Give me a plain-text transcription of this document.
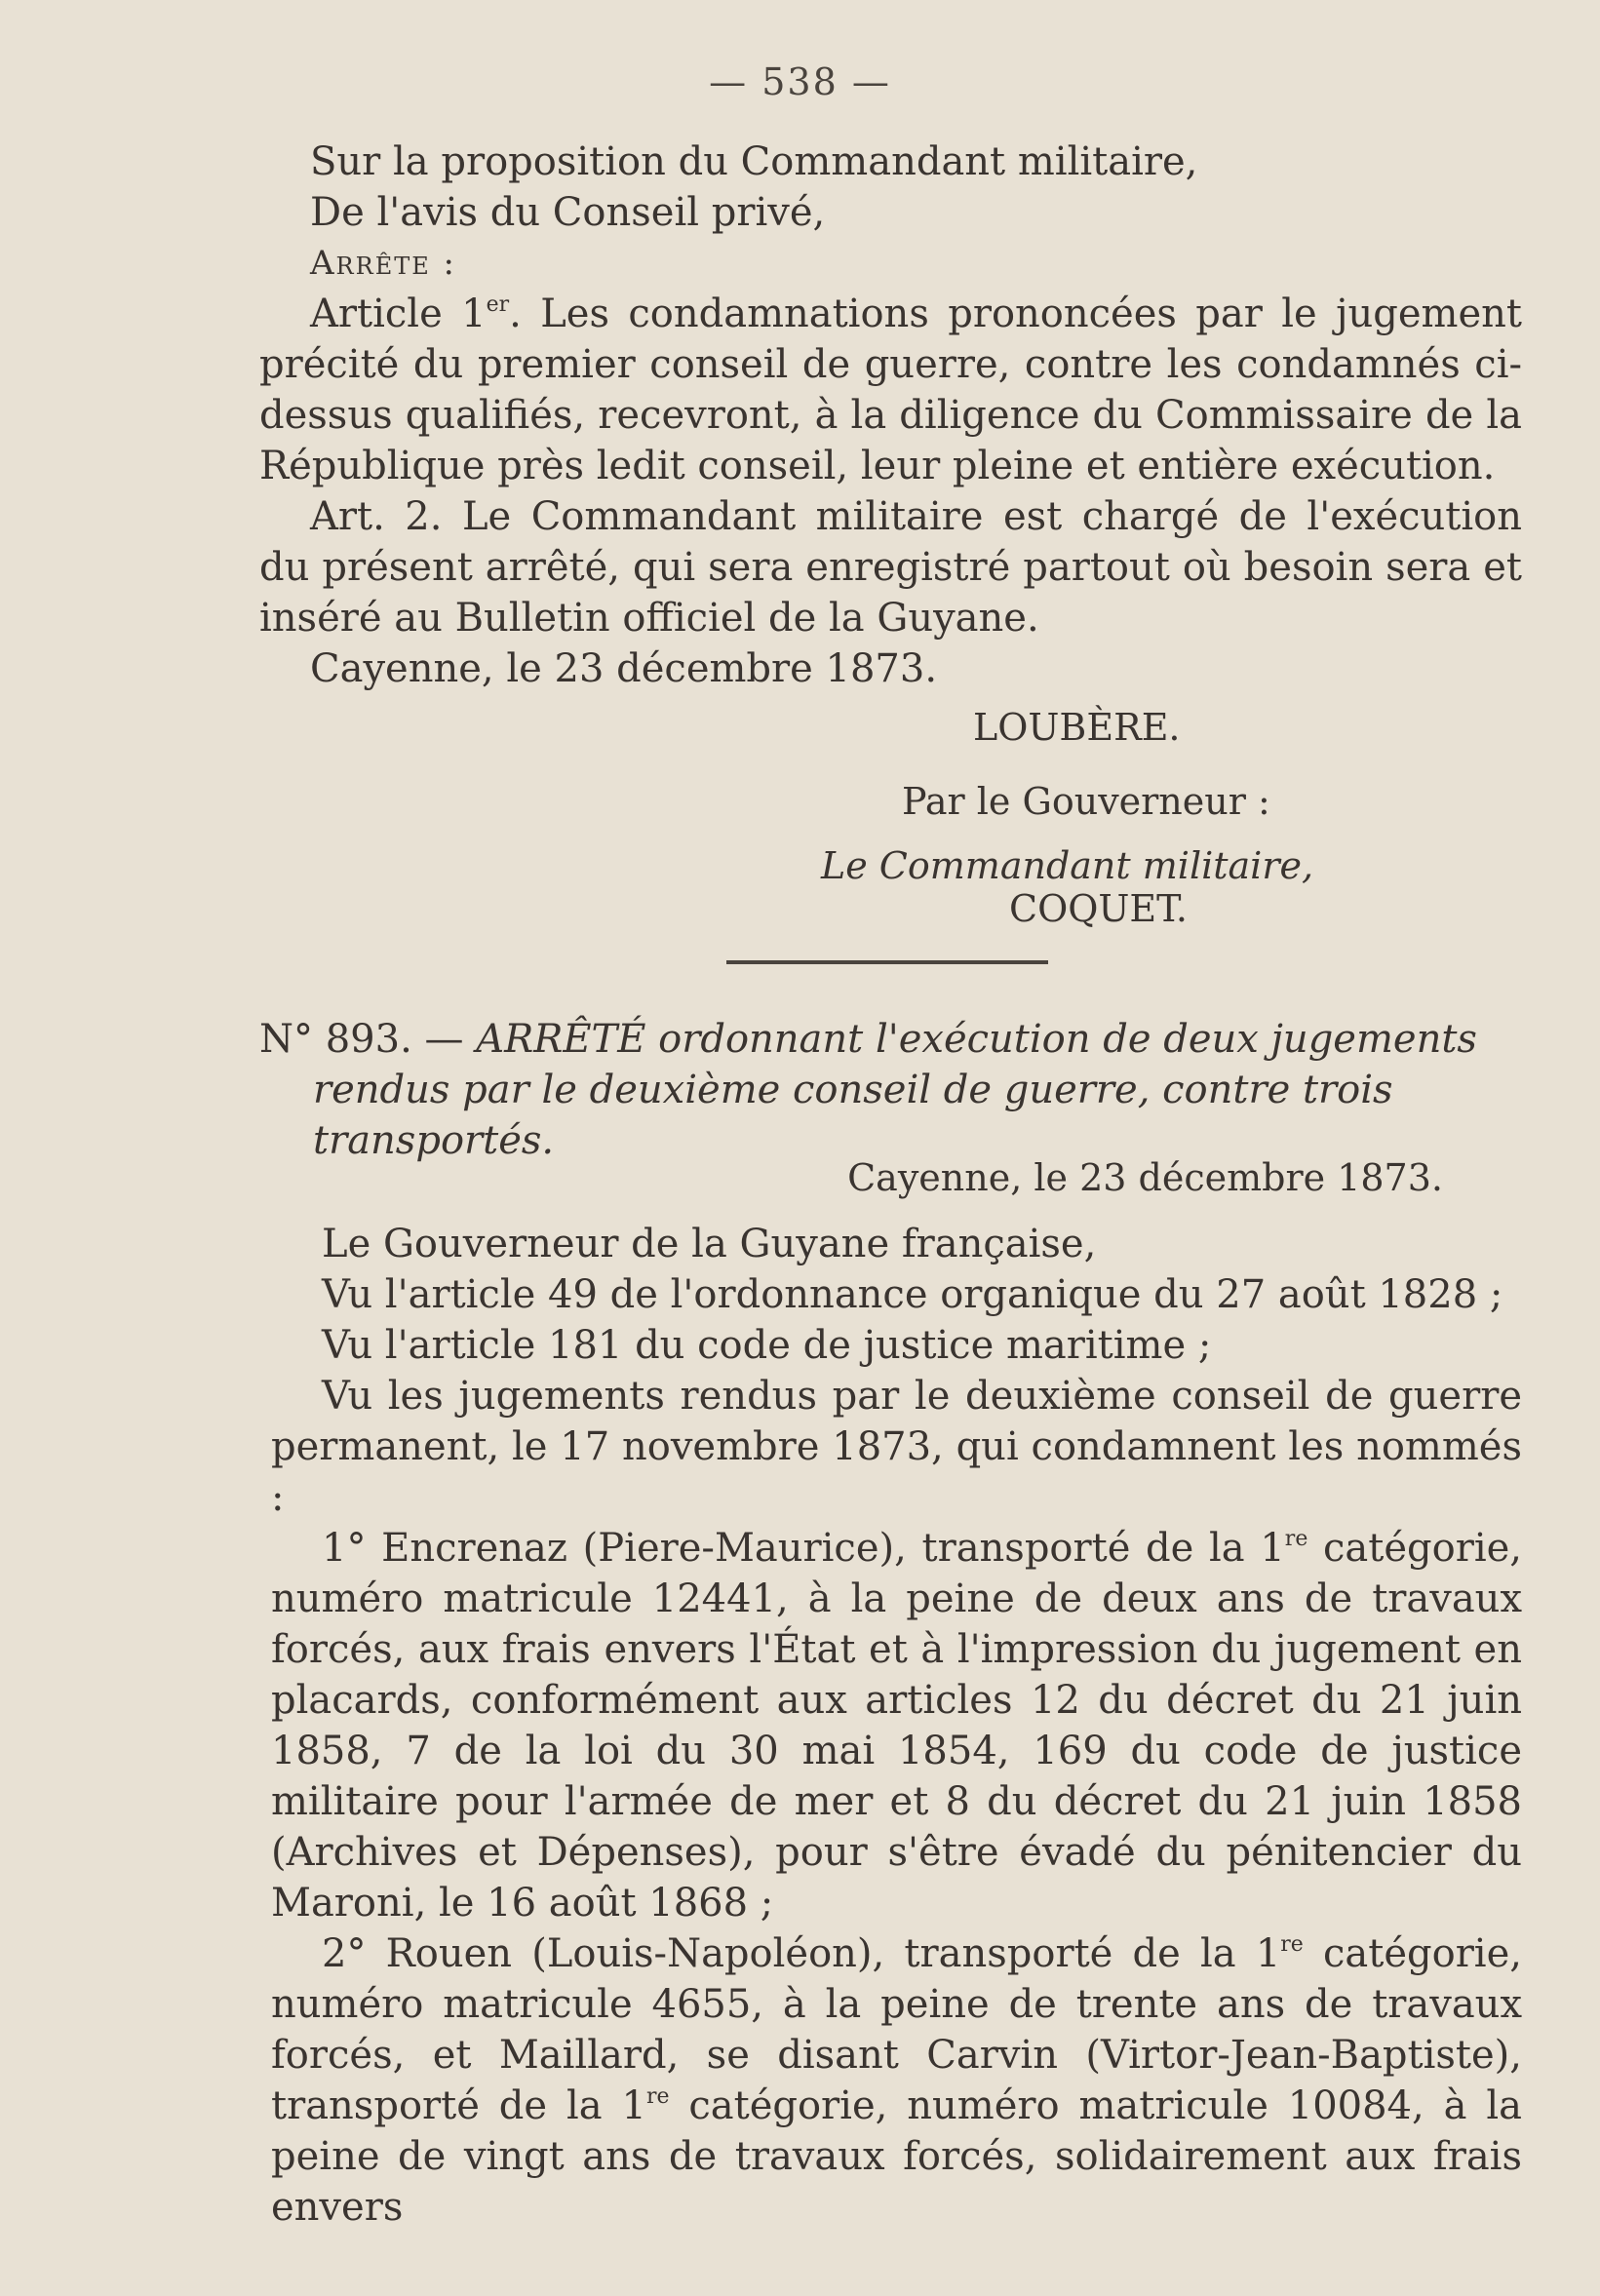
— 538 —

Sur la proposition du Commandant militaire,

De l'avis du Conseil privé,

Arrête :

Article 1er. Les condamnations prononcées par le jugement précité du premier conseil de guerre, contre les condamnés ci-dessus qualifiés, recevront, à la diligence du Commissaire de la République près ledit conseil, leur pleine et entière exécution.

Art. 2. Le Commandant militaire est chargé de l'exécution du présent arrêté, qui sera enregistré partout où besoin sera et inséré au Bulletin officiel de la Guyane.

Cayenne, le 23 décembre 1873.

LOUBÈRE.
Par le Gouverneur :
Le Commandant militaire,
COQUET.
N° 893. — ARRÊTÉ ordonnant l'exécution de deux jugements
rendus par le deuxième conseil de guerre, contre trois transportés.
Cayenne, le 23 décembre 1873.

Le Gouverneur de la Guyane française,

Vu l'article 49 de l'ordonnance organique du 27 août 1828 ;

Vu l'article 181 du code de justice maritime ;

Vu les jugements rendus par le deuxième conseil de guerre permanent, le 17 novembre 1873, qui condamnent les nommés :

1° Encrenaz (Piere-Maurice), transporté de la 1re catégorie, numéro matricule 12441, à la peine de deux ans de travaux forcés, aux frais envers l'État et à l'impression du jugement en placards, conformément aux articles 12 du décret du 21 juin 1858, 7 de la loi du 30 mai 1854, 169 du code de justice militaire pour l'armée de mer et 8 du décret du 21 juin 1858 (Archives et Dépenses), pour s'être évadé du pénitencier du Maroni, le 16 août 1868 ;

2° Rouen (Louis-Napoléon), transporté de la 1re catégorie, numéro matricule 4655, à la peine de trente ans de travaux forcés, et Maillard, se disant Carvin (Virtor-Jean-Baptiste), transporté de la 1re catégorie, numéro matricule 10084, à la peine de vingt ans de travaux forcés, solidairement aux frais envers
